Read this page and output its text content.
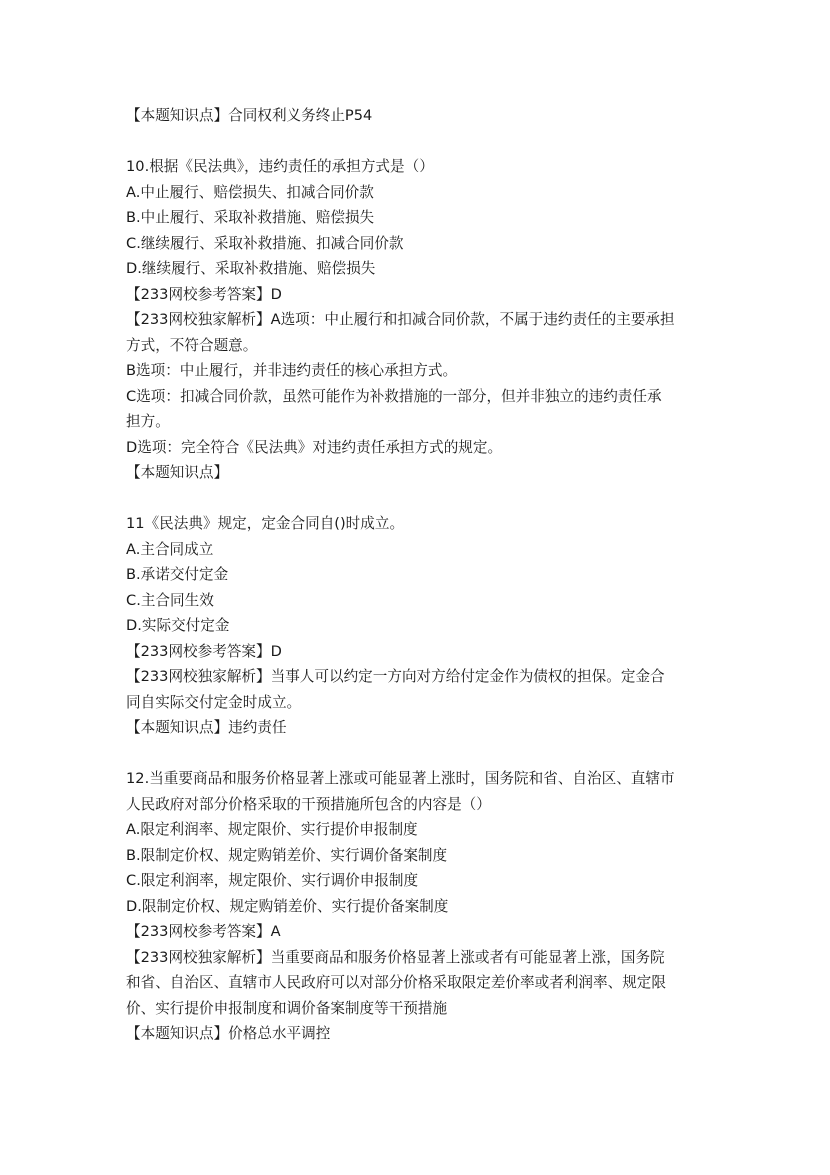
【本题知识点】合同权利义务终止P54
10.根据《民法典》，违约责任的承担方式是（）
A.中止履行、赔偿损失、扣减合同价款
B.中止履行、采取补救措施、赔偿损失
C.继续履行、采取补救措施、扣减合同价款
D.继续履行、采取补救措施、赔偿损失
【233网校参考答案】D
【233网校独家解析】A选项：中止履行和扣减合同价款，不属于违约责任的主要承担
方式，不符合题意。
B选项：中止履行，并非违约责任的核心承担方式。
C选项：扣减合同价款，虽然可能作为补救措施的一部分，但并非独立的违约责任承
担方。
D选项：完全符合《民法典》对违约责任承担方式的规定。
【本题知识点】
11《民法典》规定，定金合同自()时成立。
A.主合同成立
B.承诺交付定金
C.主合同生效
D.实际交付定金
【233网校参考答案】D
【233网校独家解析】当事人可以约定一方向对方给付定金作为债权的担保。定金合
同自实际交付定金时成立。
【本题知识点】违约责任
12.当重要商品和服务价格显著上涨或可能显著上涨时，国务院和省、自治区、直辖市
人民政府对部分价格采取的干预措施所包含的内容是（）
A.限定利润率、规定限价、实行提价申报制度
B.限制定价权、规定购销差价、实行调价备案制度
C.限定利润率，规定限价、实行调价申报制度
D.限制定价权、规定购销差价、实行提价备案制度
【233网校参考答案】A
【233网校独家解析】当重要商品和服务价格显著上涨或者有可能显著上涨，国务院
和省、自治区、直辖市人民政府可以对部分价格采取限定差价率或者利润率、规定限
价、实行提价申报制度和调价备案制度等干预措施
【本题知识点】价格总水平调控
